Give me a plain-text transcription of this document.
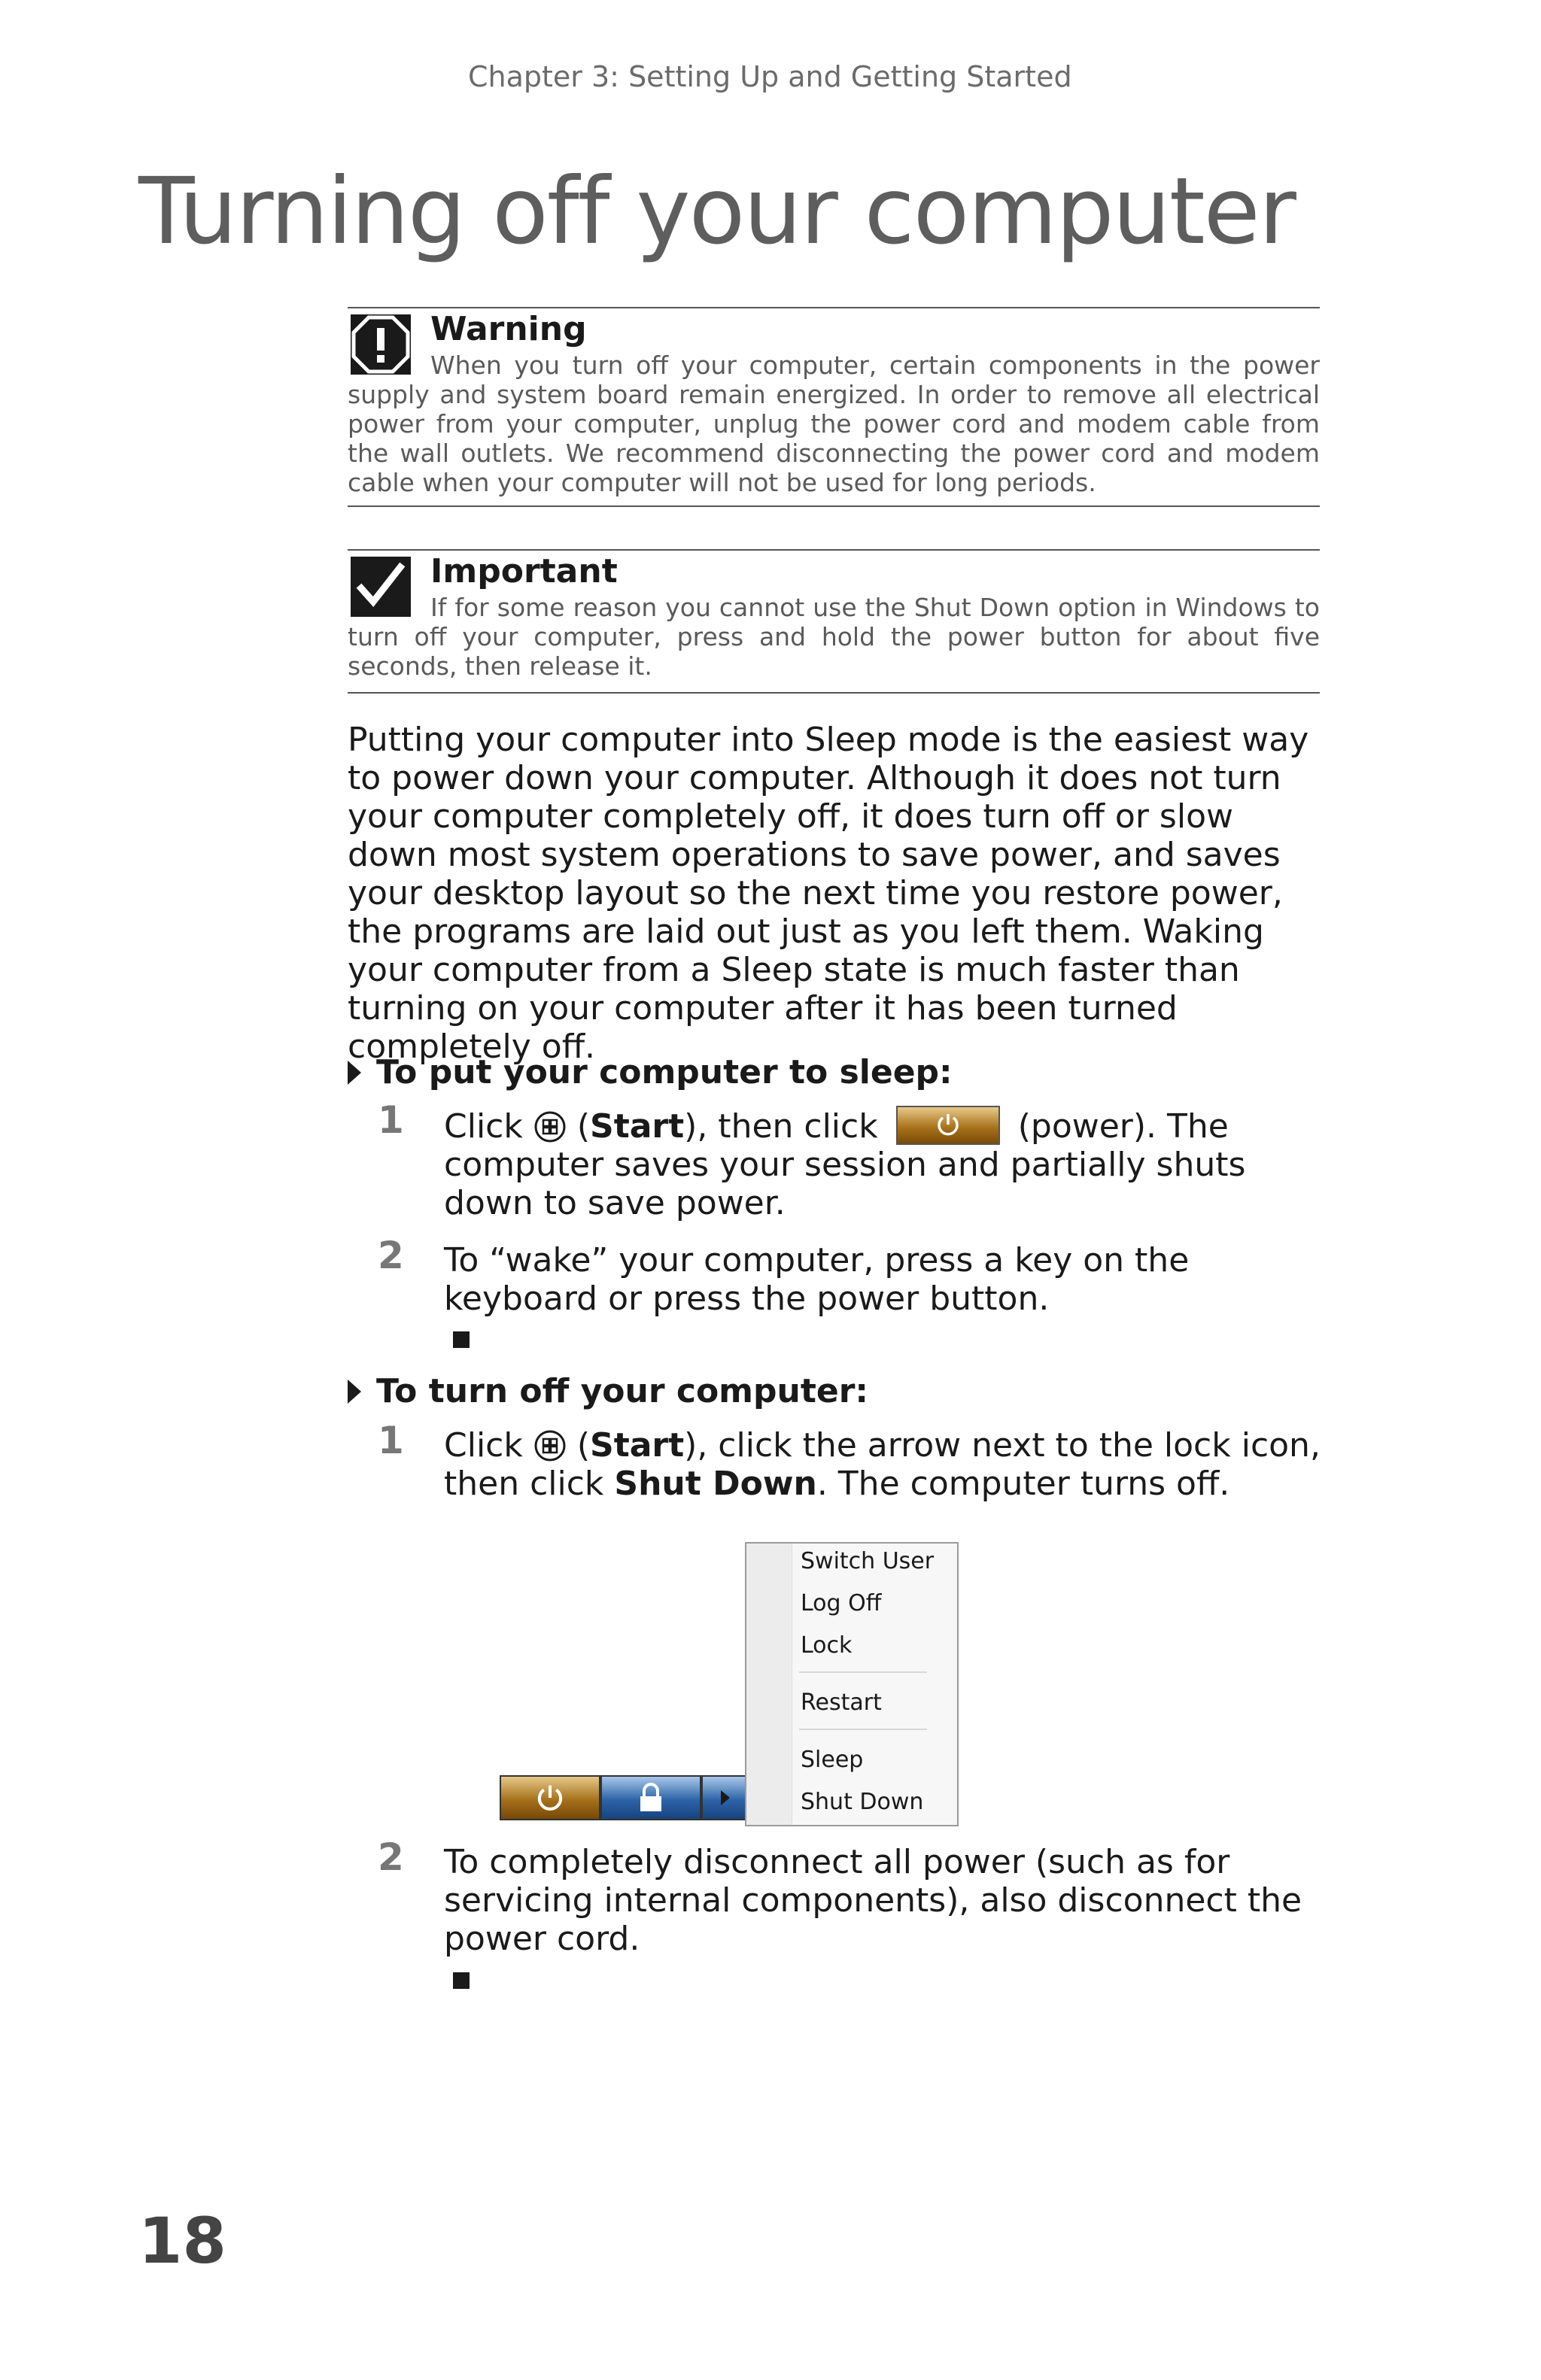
Chapter 3: Setting Up and Getting Started
Turning off your computer
Warning

When you turn off your computer, certain components in the power supply and system board remain energized. In order to remove all electrical power from your computer, unplug the power cord and modem cable from the wall outlets. We recommend disconnecting the power cord and modem cable when your computer will not be used for long periods.

Important

If for some reason you cannot use the Shut Down option in Windows to turn off your computer, press and hold the power button for about five seconds, then release it.

Putting your computer into Sleep mode is the easiest way to power down your computer. Although it does not turn your computer completely off, it does turn off or slow down most system operations to save power, and saves your desktop layout so the next time you restore power, the programs are laid out just as you left them. Waking your computer from a Sleep state is much faster than turning on your computer after it has been turned completely off.

To put your computer to sleep:
1 Click (Start), then click	(power). The computer saves your session and partially shuts down to save power.

2 To “wake” your computer, press a key on the keyboard or press the power button.

To turn off your computer:
1 Click (Start), click the arrow next to the lock icon, then click Shut Down. The computer turns off.

Switch User
Log Off
Lock
Restart
Sleep
Shut Down
2 To completely disconnect all power (such as for servicing internal components), also disconnect the power cord.

18
